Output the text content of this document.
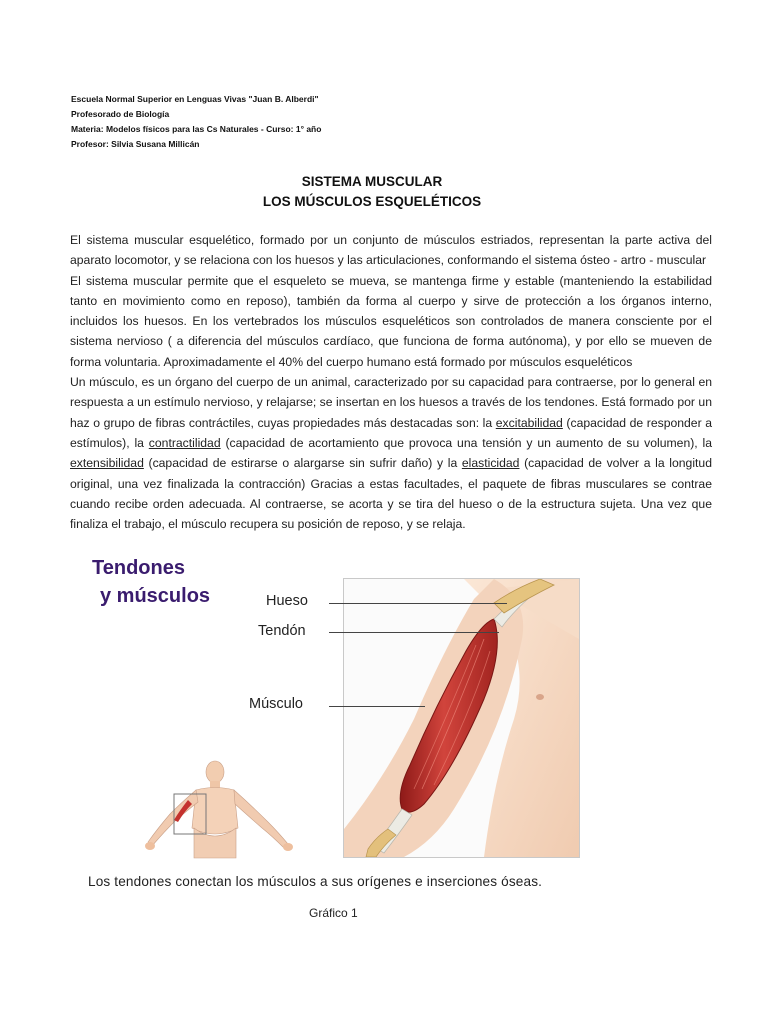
Escuela Normal Superior en Lenguas Vivas "Juan B. Alberdi"
Profesorado de Biología
Materia: Modelos físicos para las Cs Naturales - Curso: 1° año
Profesor: Silvia Susana Millicán
SISTEMA MUSCULAR
LOS MÚSCULOS ESQUELÉTICOS

El sistema muscular esquelético, formado por un conjunto de músculos estriados, representan la parte activa del aparato locomotor, y se relaciona con los huesos y las articulaciones, conformando el sistema ósteo - artro - muscular

El sistema muscular permite que el esqueleto se mueva, se mantenga firme y estable (manteniendo la estabilidad tanto en movimiento como en reposo), también da forma al cuerpo y sirve de protección a los órganos interno, incluidos los huesos. En los vertebrados los músculos esqueléticos son controlados de manera consciente por el sistema nervioso ( a diferencia del músculos cardíaco, que funciona de forma autónoma), y por ello se mueven de forma voluntaria. Aproximadamente el 40% del cuerpo humano está formado por músculos esqueléticos

Un músculo, es un órgano del cuerpo de un animal, caracterizado por su capacidad para contraerse, por lo general en respuesta a un estímulo nervioso, y relajarse; se insertan en los huesos a través de los tendones. Está formado por un haz o grupo de fibras contráctiles, cuyas propiedades más destacadas son: la excitabilidad (capacidad de responder a estímulos), la contractilidad (capacidad de acortamiento que provoca una tensión y un aumento de su volumen), la extensibilidad (capacidad de estirarse o alargarse sin sufrir daño) y la elasticidad (capacidad de volver a la longitud original, una vez finalizada la contracción) Gracias a estas facultades, el paquete de fibras musculares se contrae cuando recibe orden adecuada. Al contraerse, se acorta y se tira del hueso o de la estructura sujeta. Una vez que finaliza el trabajo, el músculo recupera su posición de reposo, y se relaja.

Tendones
y músculos	Hueso
Tendón
Músculo
Los tendones conectan los músculos a sus orígenes e inserciones óseas.
Gráfico 1
